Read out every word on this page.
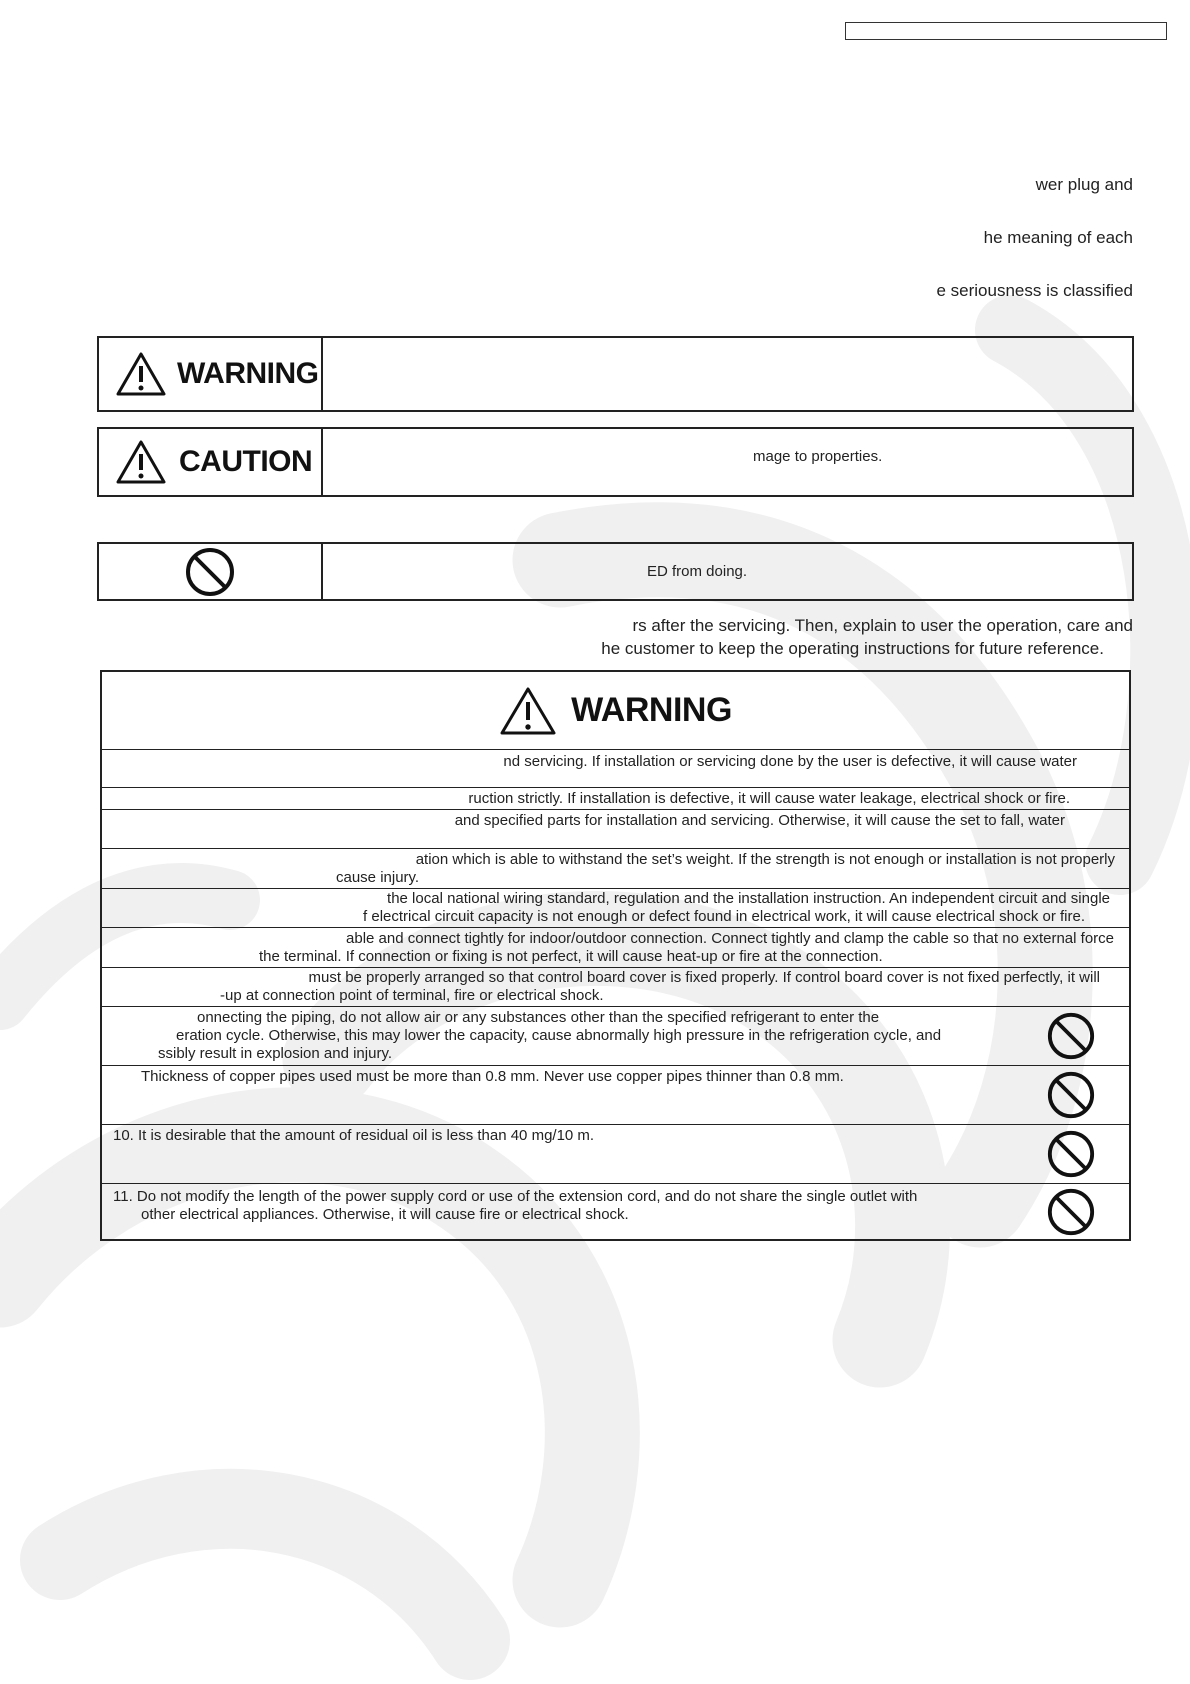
wer plug and
he meaning of each
e seriousness is classified
WARNING
CAUTION	mage to properties.
ED from doing.
rs after the servicing. Then, explain to user the operation, care and
he customer to keep the operating instructions for future reference.
WARNING
nd servicing. If installation or servicing done by the user is defective, it will cause water
ruction strictly. If installation is defective, it will cause water leakage, electrical shock or fire.
and specified parts for installation and servicing. Otherwise, it will cause the set to fall, water
ation which is able to withstand the set’s weight. If the strength is not enough or installation is not properly
cause injury.
the local national wiring standard, regulation and the installation instruction. An independent circuit and single
f electrical circuit capacity is not enough or defect found in electrical work, it will cause electrical shock or fire.
able and connect tightly for indoor/outdoor connection. Connect tightly and clamp the cable so that no external force
the terminal. If connection or fixing is not perfect, it will cause heat-up or fire at the connection.
must be properly arranged so that control board cover is fixed properly. If control board cover is not fixed perfectly, it will
-up at connection point of terminal, fire or electrical shock.
onnecting the piping, do not allow air or any substances other than the specified refrigerant to enter the
eration cycle. Otherwise, this may lower the capacity, cause abnormally high pressure in the refrigeration cycle, and
ssibly result in explosion and injury.
Thickness of copper pipes used must be more than 0.8 mm. Never use copper pipes thinner than 0.8 mm.
10. It is desirable that the amount of residual oil is less than 40 mg/10 m.
11. Do not modify the length of the power supply cord or use of the extension cord, and do not share the single outlet with
other electrical appliances. Otherwise, it will cause fire or electrical shock.
